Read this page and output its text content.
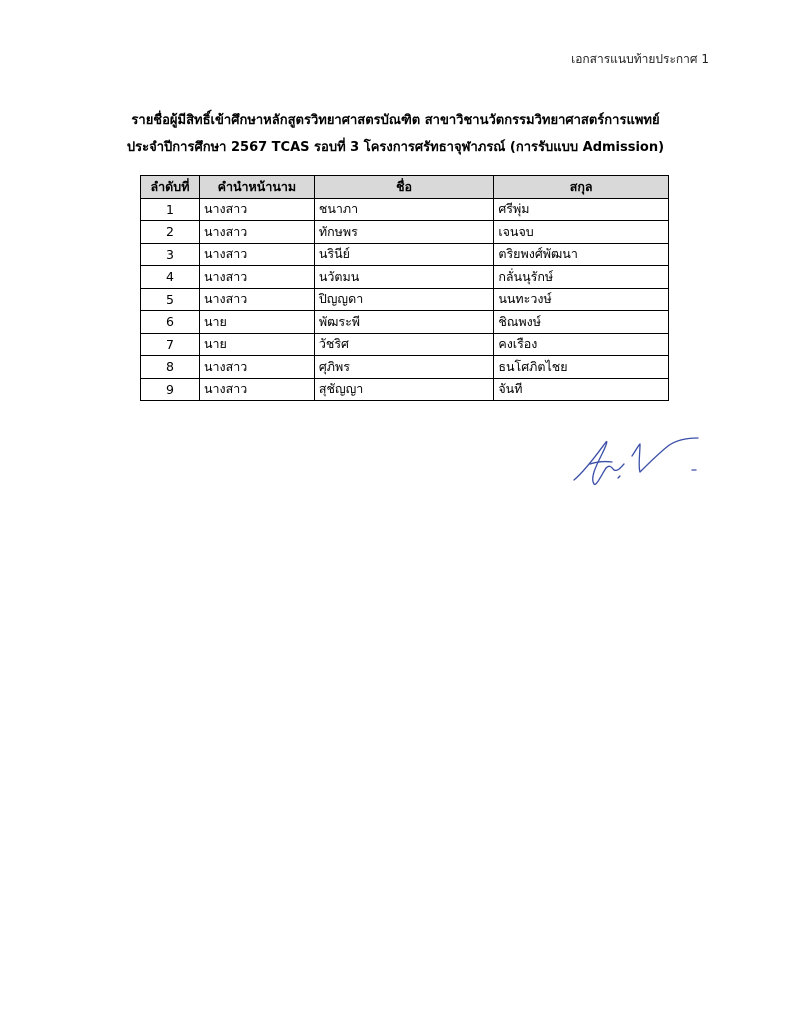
เอกสารแนบท้ายประกาศ 1
รายชื่อผู้มีสิทธิ์เข้าศึกษาหลักสูตรวิทยาศาสตรบัณฑิต สาขาวิชานวัตกรรมวิทยาศาสตร์การแพทย์
ประจำปีการศึกษา 2567 TCAS รอบที่ 3 โครงการศรัทธาจุฬาภรณ์ (การรับแบบ Admission)
ลำดับที่	คำนำหน้านาม	ชื่อ	สกุล
1	นางสาว	ชนาภา	ศรีพุ่ม
2	นางสาว	ทักษพร	เจนจบ
3	นางสาว	นรินีย์	ตริยพงศ์พัฒนา
4	นางสาว	นวัตมน	กลั่นนุรักษ์
5	นางสาว	ปิญญดา	นนทะวงษ์
6	นาย	พัฒระพี	ชิณพงษ์
7	นาย	วัชริศ	คงเรือง
8	นางสาว	ศุภิพร	ธนโศภิตไชย
9	นางสาว	สุชัญญา	จันที
